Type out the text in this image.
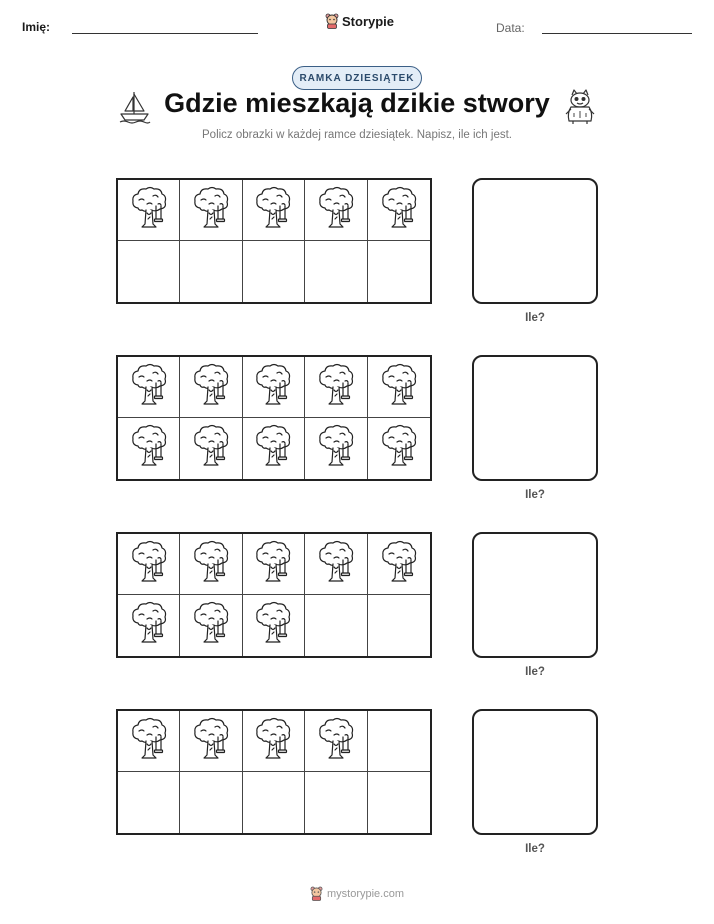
Imię:	Storypie	Data:
RAMKA DZIESIĄTEK
Gdzie mieszkają dzikie stwory
Policz obrazki w każdej ramce dziesiątek. Napisz, ile ich jest.
Ile?
Ile?
Ile?
Ile?
mystorypie.com
